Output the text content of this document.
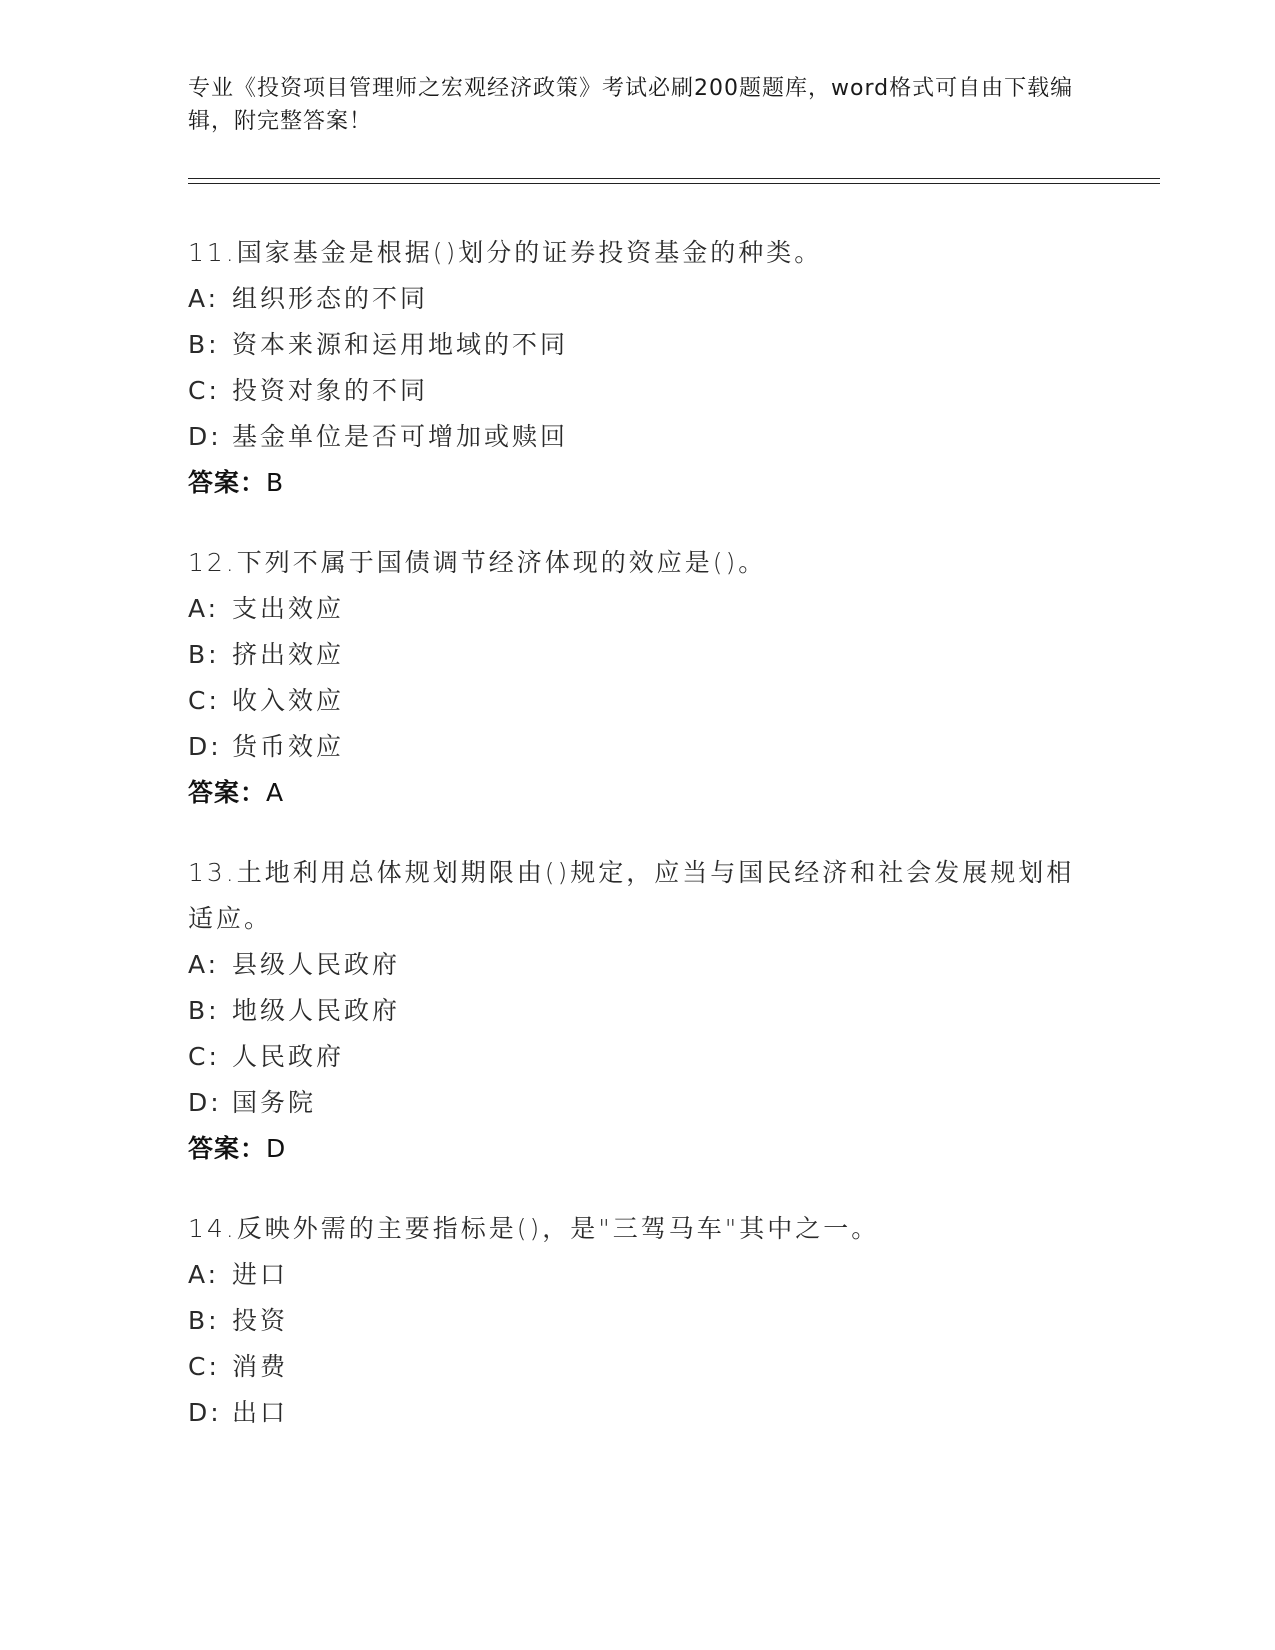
专业《投资项目管理师之宏观经济政策》考试必刷200题题库，word格式可自由下载编辑，附完整答案！
11.国家基金是根据()划分的证券投资基金的种类。
A: 组织形态的不同
B: 资本来源和运用地域的不同
C: 投资对象的不同
D: 基金单位是否可增加或赎回
答案：B
12.下列不属于国债调节经济体现的效应是()。
A: 支出效应
B: 挤出效应
C: 收入效应
D: 货币效应
答案：A
13.土地利用总体规划期限由()规定，应当与国民经济和社会发展规划相适应。
A: 县级人民政府
B: 地级人民政府
C: 人民政府
D: 国务院
答案：D
14.反映外需的主要指标是()，是"三驾马车"其中之一。
A: 进口
B: 投资
C: 消费
D: 出口
